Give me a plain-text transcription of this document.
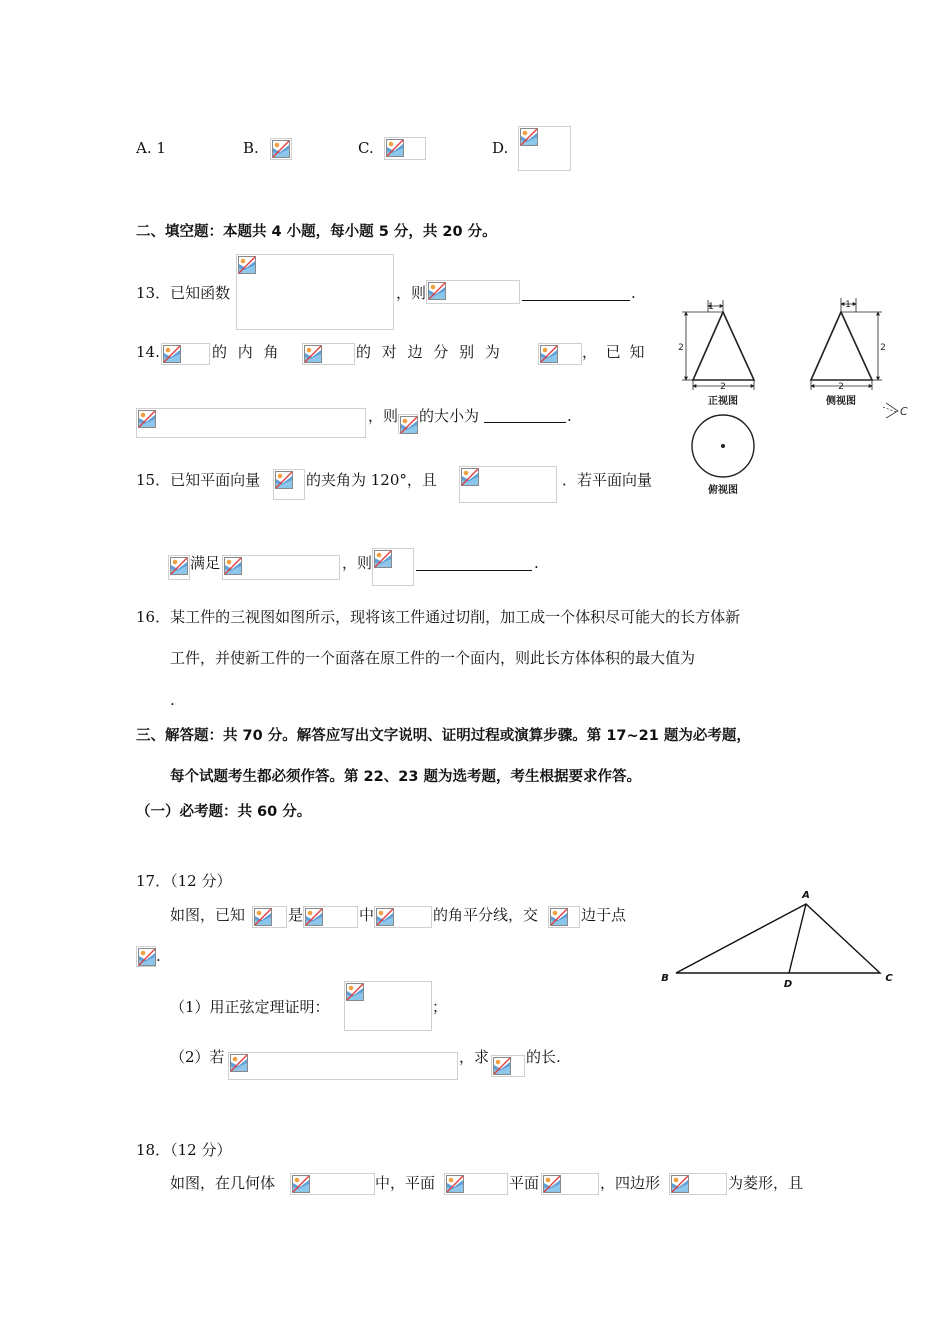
A. 1	B.	C.	D.
二、填空题：本题共 4 小题，每小题 5 分，共 20 分。
13．已知函数	，则	.
14.	的 内 角	的 对 边 分 别 为	， 已 知
，则 的大小为	.
15．已知平面向量	的夹角为 120°，且	．若平面向量
满足	，则	.
16．某工件的三视图如图所示，现将该工件通过切削，加工成一个体积尽可能大的长方体新
工件，并使新工件的一个面落在原工件的一个面内，则此长方体体积的最大值为
.
三、解答题：共 70 分。解答应写出文字说明、证明过程或演算步骤。第 17~21 题为必考题，
每个试题考生都必须作答。第 22、23 题为选考题，考生根据要求作答。
（一）必考题：共 60 分。
17．（12 分）
如图，已知	是	中	的角平分线，交	边于点
.
（1）用正弦定理证明：	；
（2）若	，求 的长.
18．（12 分）
如图，在几何体	中，平面	平面	，四边形	为菱形，且
1
2
2
正视图
1
2
2
侧视图
C
俯视图
A
B	C
D
